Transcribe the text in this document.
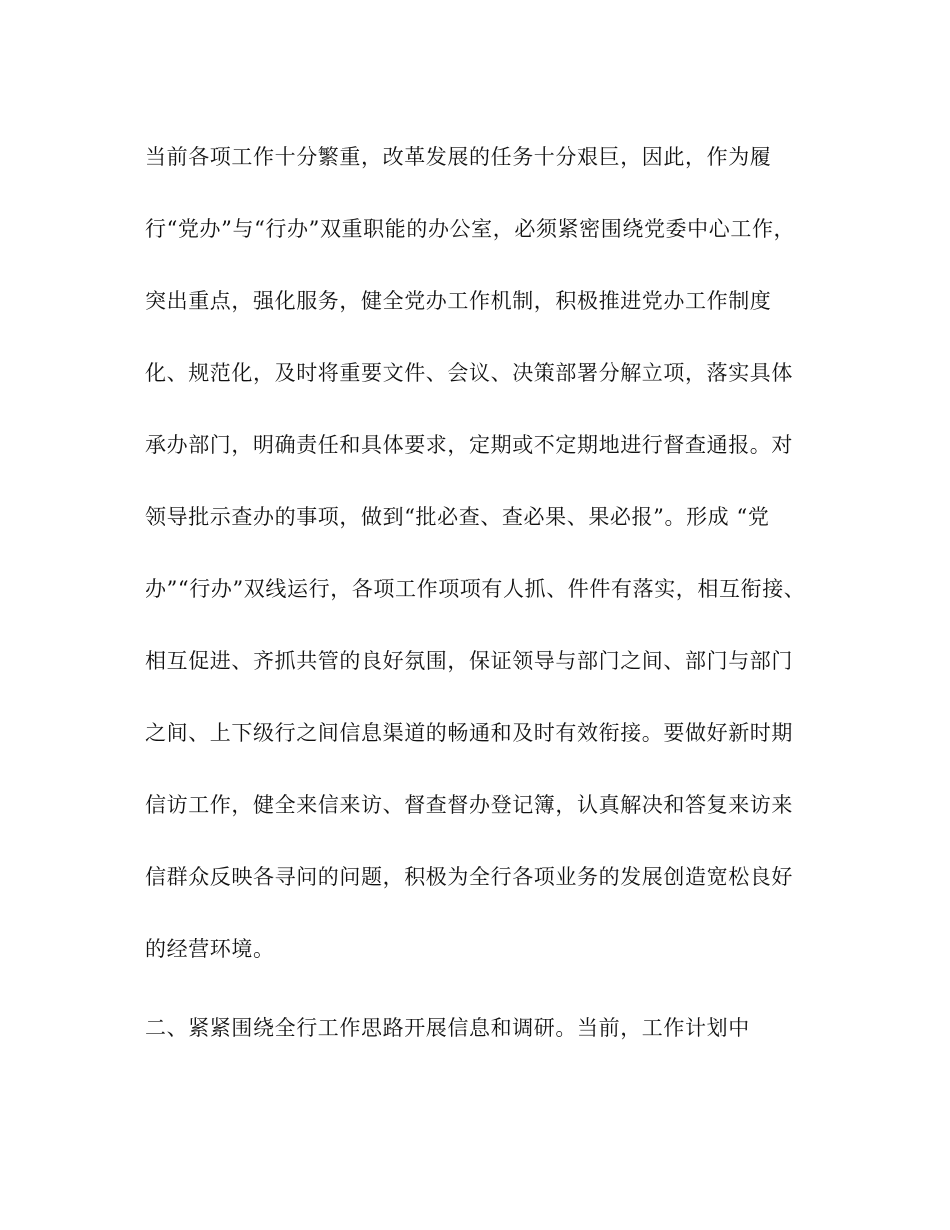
当前各项工作十分繁重，改革发展的任务十分艰巨，因此，作为履
行“党办”与“行办”双重职能的办公室，必须紧密围绕党委中心工作，
突出重点，强化服务，健全党办工作机制，积极推进党办工作制度
化、规范化，及时将重要文件、会议、决策部署分解立项，落实具体
承办部门，明确责任和具体要求，定期或不定期地进行督查通报。对
领导批示查办的事项，做到“批必查、查必果、果必报”。形成 “党
办”“行办”双线运行，各项工作项项有人抓、件件有落实，相互衔接、
相互促进、齐抓共管的良好氛围，保证领导与部门之间、部门与部门
之间、上下级行之间信息渠道的畅通和及时有效衔接。要做好新时期
信访工作，健全来信来访、督查督办登记簿，认真解决和答复来访来
信群众反映各寻问的问题，积极为全行各项业务的发展创造宽松良好
的经营环境。
二、紧紧围绕全行工作思路开展信息和调研。当前，工作计划中
